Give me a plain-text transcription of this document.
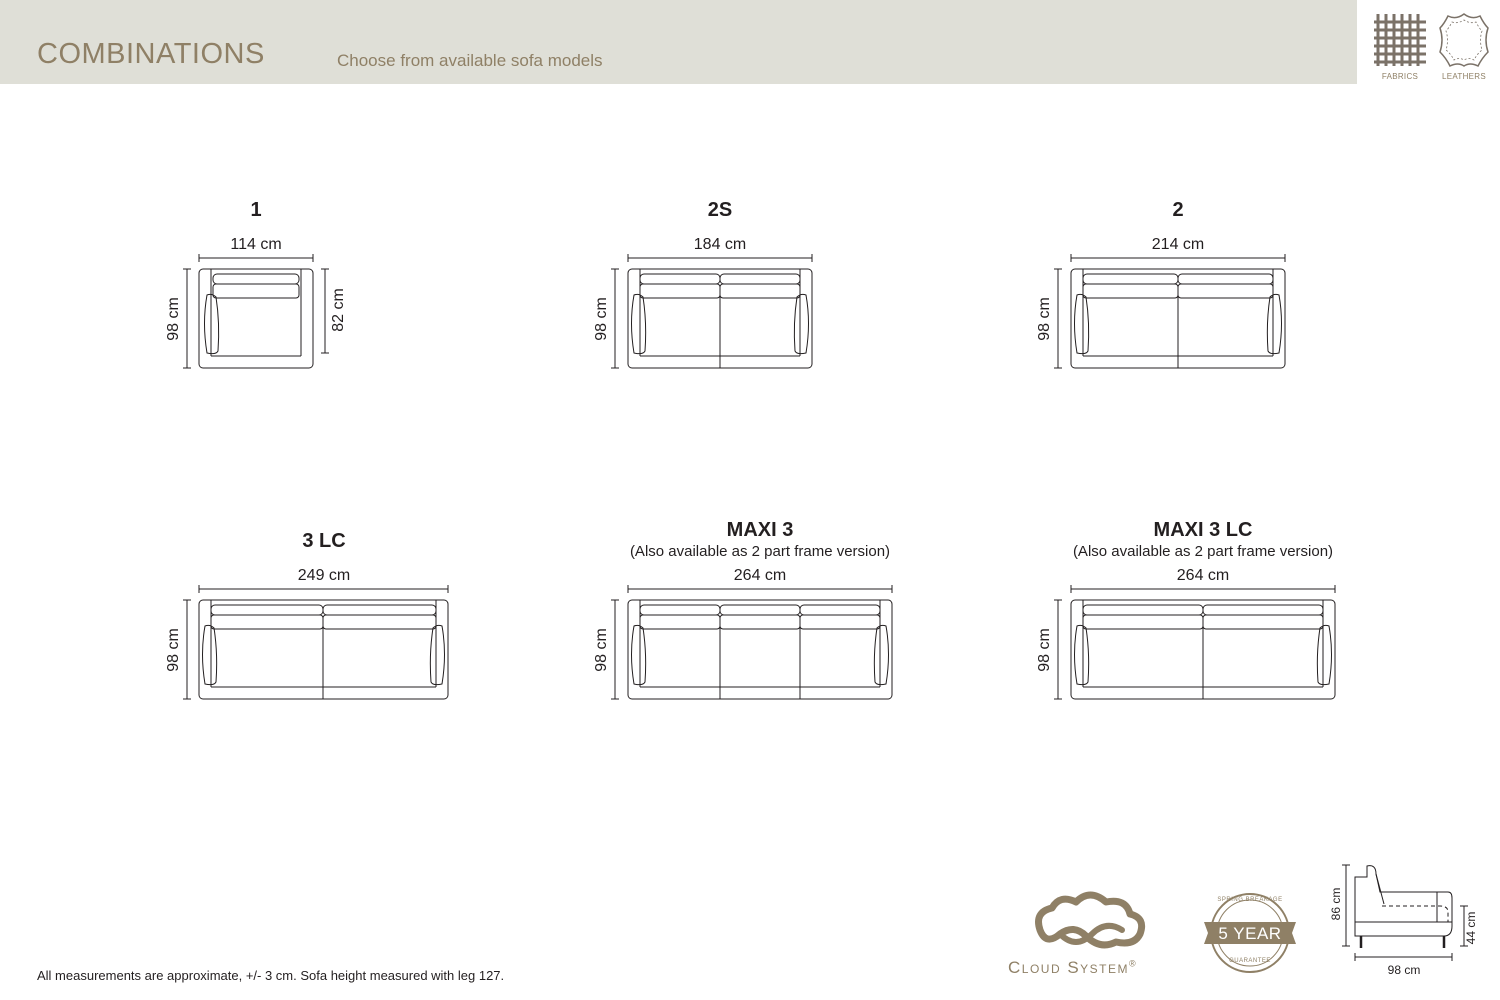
COMBINATIONS	Choose from available sofa models
FABRICS	LEATHERS
1
114 cm
98 cm	82 cm
2S
184 cm
98 cm
2
214 cm
98 cm
3 LC
249 cm
98 cm
MAXI 3
(Also available as 2 part frame version)
264 cm
98 cm
MAXI 3 LC
(Also available as 2 part frame version)
264 cm
98 cm
Cloud System®
5 YEAR
SPRING BREAKAGE
GUARANTEE
86 cm
44 cm
98 cm
All measurements are approximate, +/- 3 cm. Sofa height measured with leg 127.
